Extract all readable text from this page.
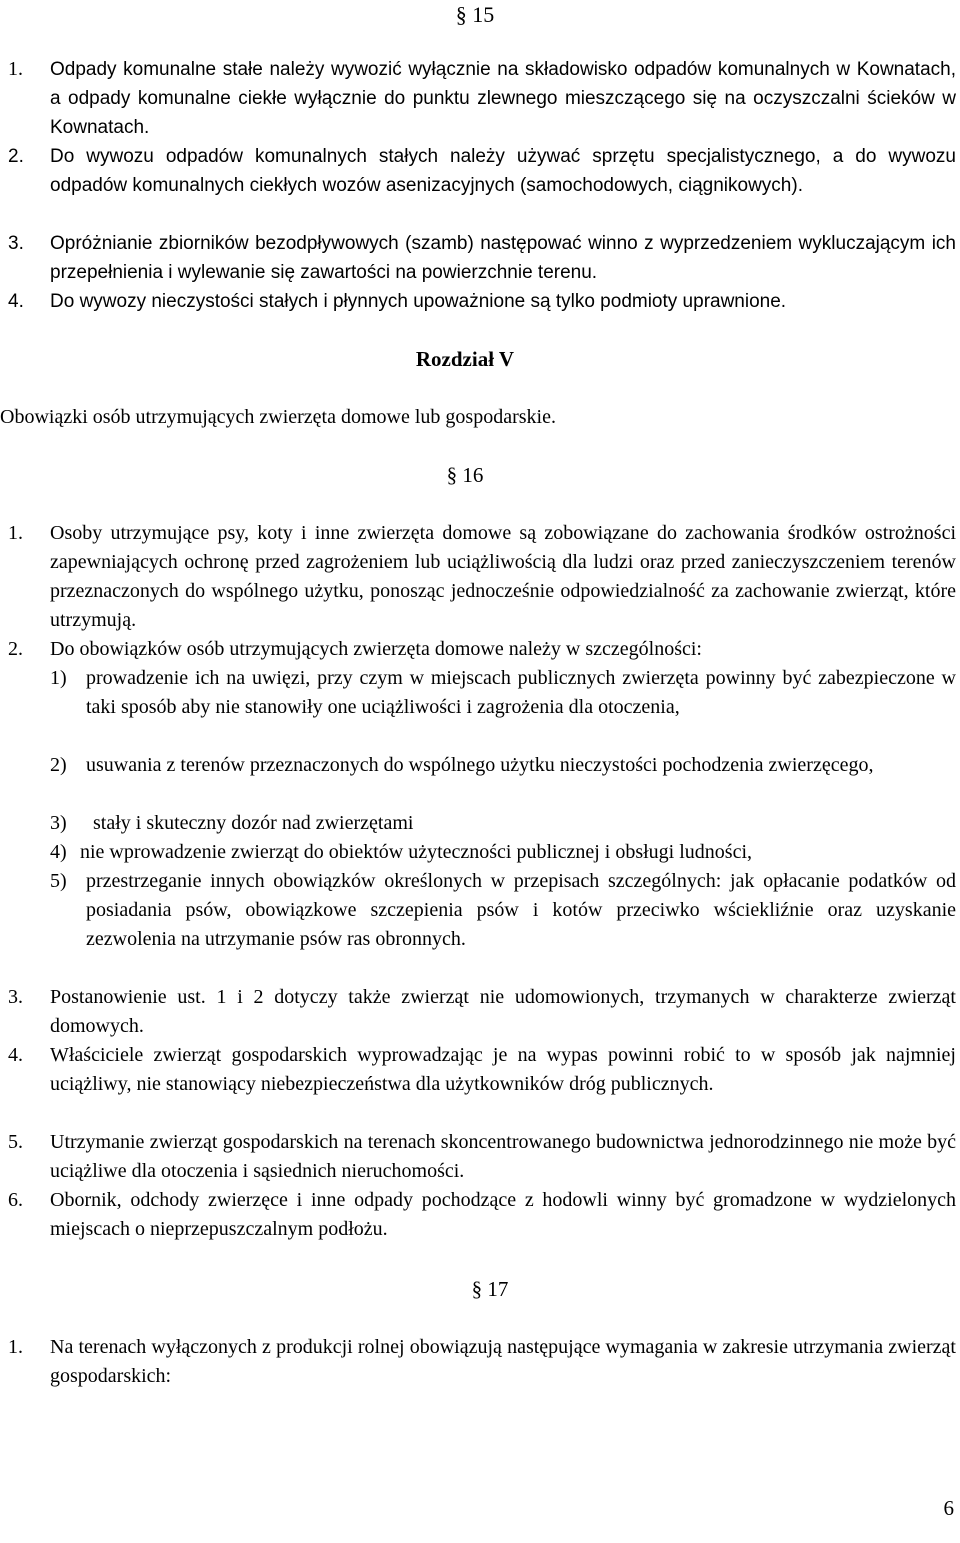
§ 15
1. Odpady komunalne stałe należy wywozić wyłącznie na składowisko odpadów komunalnych w Kownatach, a odpady komunalne ciekłe wyłącznie do punktu zlewnego mieszczącego się na oczyszczalni ścieków w Kownatach.
2. Do wywozu odpadów komunalnych stałych należy używać sprzętu specjalistycznego, a do wywozu odpadów komunalnych ciekłych wozów asenizacyjnych (samochodowych, ciągnikowych).
3. Opróżnianie zbiorników bezodpływowych (szamb) następować winno z wyprzedzeniem wykluczającym ich przepełnienia i wylewanie się zawartości na powierzchnie terenu.
4. Do wywozy nieczystości stałych i płynnych upoważnione są tylko podmioty uprawnione.
Rozdział V
Obowiązki osób utrzymujących zwierzęta domowe lub gospodarskie.
§ 16
1. Osoby utrzymujące psy, koty i inne zwierzęta domowe są zobowiązane do zachowania środków ostrożności zapewniających ochronę przed zagrożeniem lub uciążliwością dla ludzi oraz przed zanieczyszczeniem terenów przeznaczonych do wspólnego użytku, ponosząc jednocześnie odpowiedzialność za zachowanie zwierząt, które utrzymują.
2. Do obowiązków osób utrzymujących zwierzęta domowe należy w szczególności:
1) prowadzenie ich na uwięzi, przy czym w miejscach publicznych zwierzęta powinny być zabezpieczone w taki sposób aby nie stanowiły one uciążliwości i zagrożenia dla otoczenia,
2) usuwania z terenów przeznaczonych do wspólnego użytku nieczystości pochodzenia zwierzęcego,
3) stały i skuteczny dozór nad zwierzętami
4) nie wprowadzenie zwierząt do obiektów użyteczności publicznej i obsługi ludności,
5) przestrzeganie innych obowiązków określonych w przepisach szczególnych: jak opłacanie podatków od posiadania psów, obowiązkowe szczepienia psów i kotów przeciwko wściekliźnie oraz uzyskanie zezwolenia na utrzymanie psów ras obronnych.
3. Postanowienie ust. 1 i 2 dotyczy także zwierząt nie udomowionych, trzymanych w charakterze zwierząt domowych.
4. Właściciele zwierząt gospodarskich wyprowadzając je na wypas powinni robić to w sposób jak najmniej uciążliwy, nie stanowiący niebezpieczeństwa dla użytkowników dróg publicznych.
5. Utrzymanie zwierząt gospodarskich na terenach skoncentrowanego budownictwa jednorodzinnego nie może być uciążliwe dla otoczenia i sąsiednich nieruchomości.
6. Obornik, odchody zwierzęce i inne odpady pochodzące z hodowli winny być gromadzone w wydzielonych miejscach o nieprzepuszczalnym podłożu.
§ 17
1. Na terenach wyłączonych z produkcji rolnej obowiązują następujące wymagania w zakresie utrzymania zwierząt gospodarskich:
6
